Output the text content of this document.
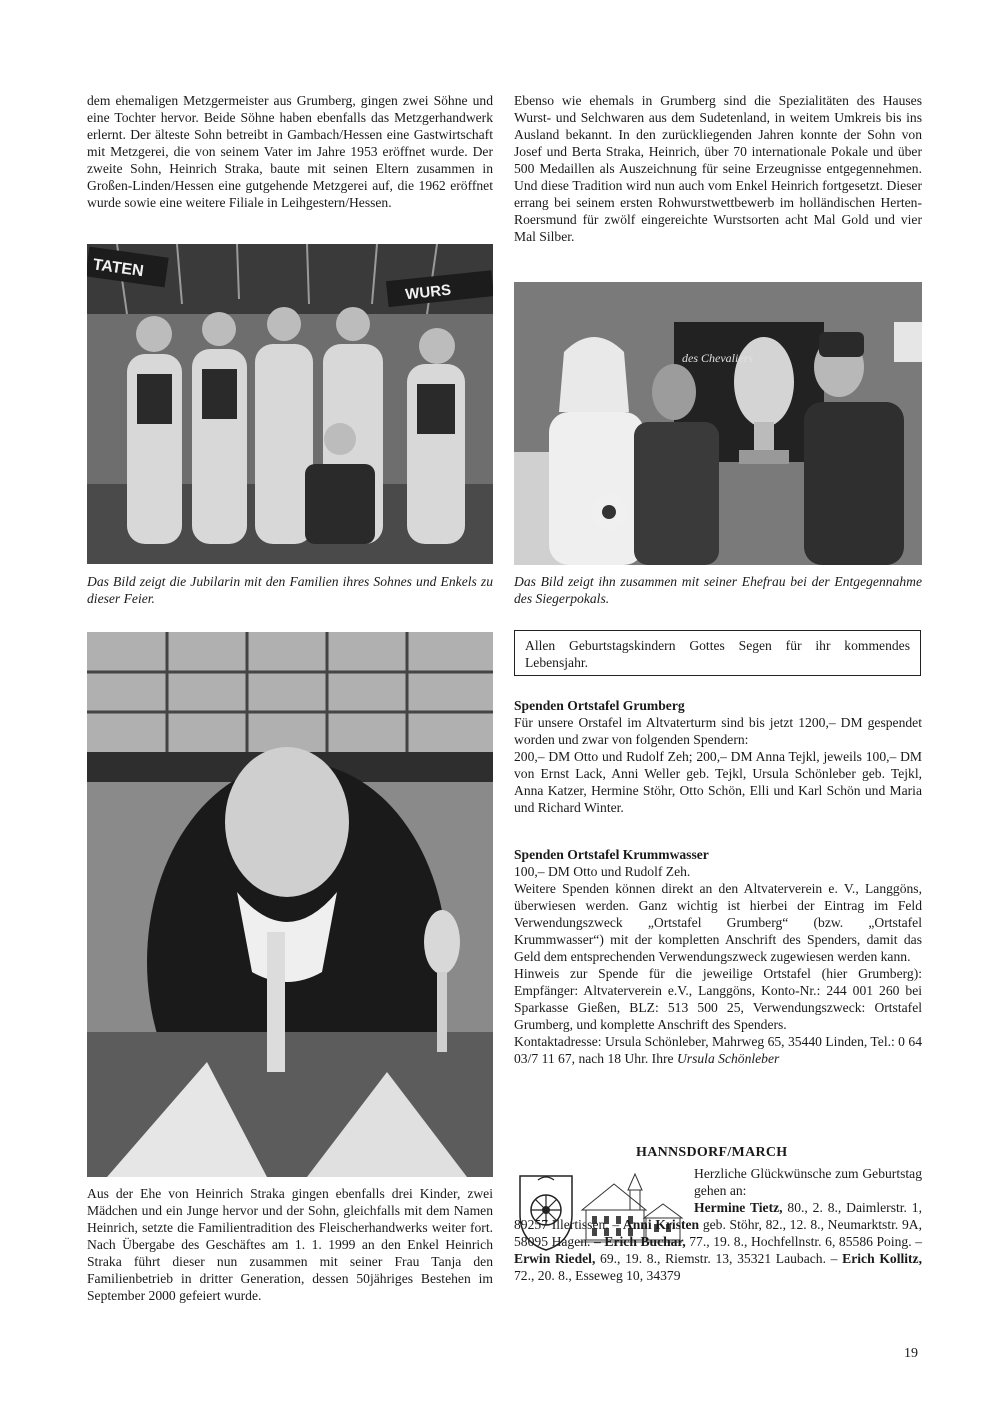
dem ehemaligen Metzgermeister aus Grumberg, gingen zwei Söhne und eine Tochter hervor. Beide Söhne haben ebenfalls das Metzgerhandwerk erlernt. Der älteste Sohn betreibt in Gambach/Hessen eine Gastwirtschaft mit Metzgerei, die von seinem Vater im Jahre 1953 eröffnet wurde. Der zweite Sohn, Heinrich Straka, baute mit seinen Eltern zusammen in Großen-Linden/Hessen eine gutgehende Metzgerei auf, die 1962 eröffnet wurde sowie eine weitere Filiale in Leihgestern/Hessen.

TATEN
WURS

Das Bild zeigt die Jubilarin mit den Familien ihres Sohnes und Enkels zu dieser Feier.

Aus der Ehe von Heinrich Straka gingen ebenfalls drei Kinder, zwei Mädchen und ein Junge hervor und der Sohn, gleichfalls mit dem Namen Heinrich, setzte die Familientradition des Fleischerhandwerks weiter fort. Nach Übergabe des Geschäftes am 1. 1. 1999 an den Enkel Heinrich Straka führt dieser nun zusammen mit seiner Frau Tanja den Familienbetrieb in dritter Generation, dessen 50jähriges Bestehen im September 2000 gefeiert wurde.

Ebenso wie ehemals in Grumberg sind die Spezialitäten des Hauses Wurst- und Selchwaren aus dem Sudetenland, in weitem Umkreis bis ins Ausland bekannt. In den zurückliegenden Jahren konnte der Sohn von Josef und Berta Straka, Heinrich, über 70 internationale Pokale und über 500 Medaillen als Auszeichnung für seine Erzeugnisse entgegennehmen. Und diese Tradition wird nun auch vom Enkel Heinrich fortgesetzt. Dieser errang bei seinem ersten Rohwurstwettbewerb im holländischen Herten-Roersmund für zwölf eingereichte Wurstsorten acht Mal Gold und vier Mal Silber.

des Chevaliers

Das Bild zeigt ihn zusammen mit seiner Ehefrau bei der Entgegennahme des Siegerpokals.

Allen Geburtstagskindern Gottes Segen für ihr kommendes Lebensjahr.

Spenden Ortstafel Grumberg

Für unsere Orstafel im Altvaterturm sind bis jetzt 1200,– DM gespendet worden und zwar von folgenden Spendern:

200,– DM Otto und Rudolf Zeh; 200,– DM Anna Tejkl, jeweils 100,– DM von Ernst Lack, Anni Weller geb. Tejkl, Ursula Schönleber geb. Tejkl, Anna Katzer, Hermine Stöhr, Otto Schön, Elli und Karl Schön und Maria und Richard Winter.

Spenden Ortstafel Krummwasser

100,– DM Otto und Rudolf Zeh.

Weitere Spenden können direkt an den Altvaterverein e. V., Langgöns, überwiesen werden. Ganz wichtig ist hierbei der Eintrag im Feld Verwendungszweck „Ortstafel Grumberg“ (bzw. „Ortstafel Krummwasser“) mit der kompletten Anschrift des Spenders, damit das Geld dem entsprechenden Verwendungszweck zugewiesen werden kann.

Hinweis zur Spende für die jeweilige Ortstafel (hier Grumberg): Empfänger: Altvaterverein e.V., Langgöns, Konto-Nr.: 244 001 260 bei Sparkasse Gießen, BLZ: 513 500 25, Verwendungszweck: Ortstafel Grumberg, und komplette Anschrift des Spenders.

Kontaktadresse: Ursula Schönleber, Mahrweg 65, 35440 Linden, Tel.: 0 64 03/7 11 67, nach 18 Uhr. Ihre Ursula Schönleber

HANNSDORF/MARCH

Herzliche Glückwünsche zum Geburtstag gehen an:

Hermine Tietz, 80., 2. 8., Daimlerstr. 1, 89257 Illertissen. – Anni Kristen geb. Stöhr, 82., 12. 8., Neumarktstr. 9A, 58095 Hagen. – Erich Buchar, 77., 19. 8., Hochfellnstr. 6, 85586 Poing. – Erwin Riedel, 69., 19. 8., Riemstr. 13, 35321 Laubach. – Erich Kollitz, 72., 20. 8., Esseweg 10, 34379

19
